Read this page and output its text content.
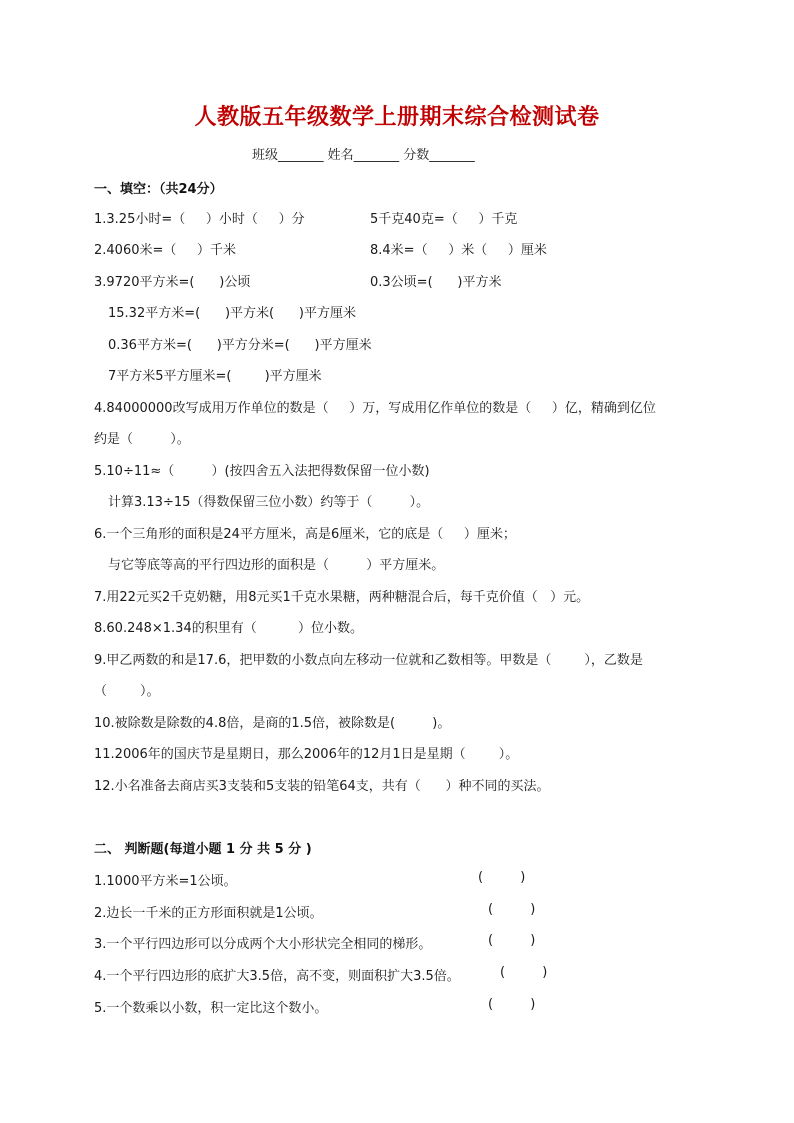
人教版五年级数学上册期末综合检测试卷
班级_______ 姓名_______ 分数_______
一、填空：（共24分）
1.3.25小时=（     ）小时（     ）分	5千克40克=（     ）千克
2.4060米=（     ）千米	8.4米=（     ）米（     ）厘米
3.9720平方米=(      )公顷	0.3公顷=(      )平方米
15.32平方米=(      )平方米(      )平方厘米
0.36平方米=(      )平方分米=(      )平方厘米
7平方米5平方厘米=(        )平方厘米
4.84000000改写成用万作单位的数是（     ）万，写成用亿作单位的数是（     ）亿，精确到亿位
约是（         ）。
5.10÷11≈（         ）(按四舍五入法把得数保留一位小数)
计算3.13÷15（得数保留三位小数）约等于（         ）。
6.一个三角形的面积是24平方厘米，高是6厘米，它的底是（     ）厘米；
与它等底等高的平行四边形的面积是（         ）平方厘米。
7.用22元买2千克奶糖，用8元买1千克水果糖，两种糖混合后，每千克价值（   ）元。
8.60.248×1.34的积里有（          ）位小数。
9.甲乙两数的和是17.6，把甲数的小数点向左移动一位就和乙数相等。甲数是（        ），乙数是
（        ）。
10.被除数是除数的4.8倍，是商的1.5倍，被除数是(         )。
11.2006年的国庆节是星期日，那么2006年的12月1日是星期（        ）。
12.小名准备去商店买3支装和5支装的铅笔64支，共有（      ）种不同的买法。
二、 判断题(每道小题 1 分 共 5 分 )
1.1000平方米=1公顷。	(         )
2.边长一千米的正方形面积就是1公顷。	(         )
3.一个平行四边形可以分成两个大小形状完全相同的梯形。	(         )
4.一个平行四边形的底扩大3.5倍，高不变，则面积扩大3.5倍。	(         )
5.一个数乘以小数，积一定比这个数小。	(         )
